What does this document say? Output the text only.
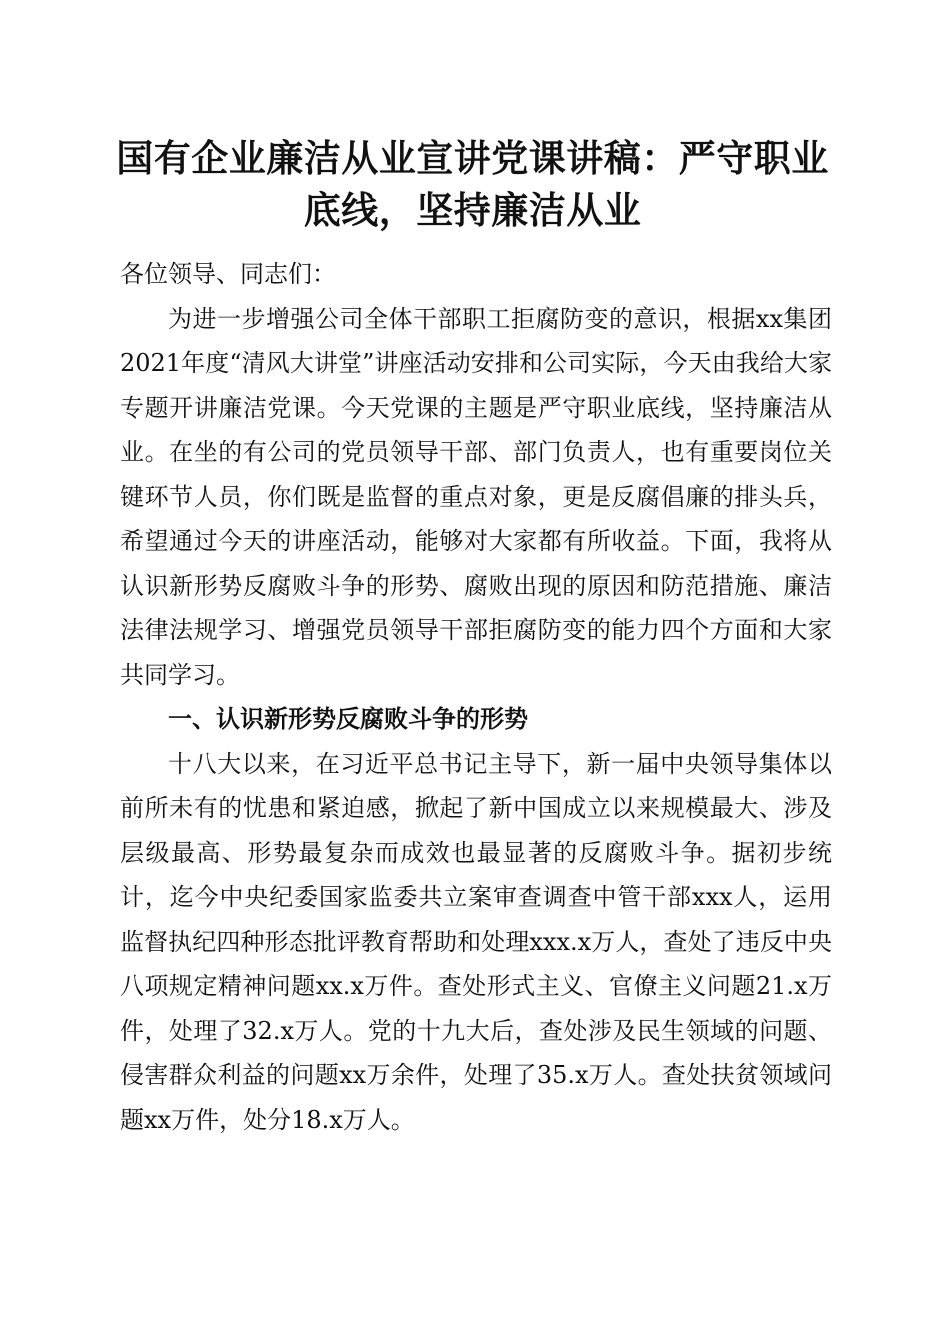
国有企业廉洁从业宣讲党课讲稿：严守职业底线，坚持廉洁从业

各位领导、同志们：

为进一步增强公司全体干部职工拒腐防变的意识，根据xx集团2021年度“清风大讲堂”讲座活动安排和公司实际，今天由我给大家专题开讲廉洁党课。今天党课的主题是严守职业底线，坚持廉洁从业。在坐的有公司的党员领导干部、部门负责人，也有重要岗位关键环节人员，你们既是监督的重点对象，更是反腐倡廉的排头兵，希望通过今天的讲座活动，能够对大家都有所收益。下面，我将从认识新形势反腐败斗争的形势、腐败出现的原因和防范措施、廉洁法律法规学习、增强党员领导干部拒腐防变的能力四个方面和大家共同学习。

一、认识新形势反腐败斗争的形势

十八大以来，在习近平总书记主导下，新一届中央领导集体以前所未有的忧患和紧迫感，掀起了新中国成立以来规模最大、涉及层级最高、形势最复杂而成效也最显著的反腐败斗争。据初步统计，迄今中央纪委国家监委共立案审查调查中管干部xxx人，运用监督执纪四种形态批评教育帮助和处理xxx.x万人，查处了违反中央八项规定精神问题xx.x万件。查处形式主义、官僚主义问题21.x万件，处理了32.x万人。党的十九大后，查处涉及民生领域的问题、侵害群众利益的问题xx万余件，处理了35.x万人。查处扶贫领域问题xx万件，处分18.x万人。
